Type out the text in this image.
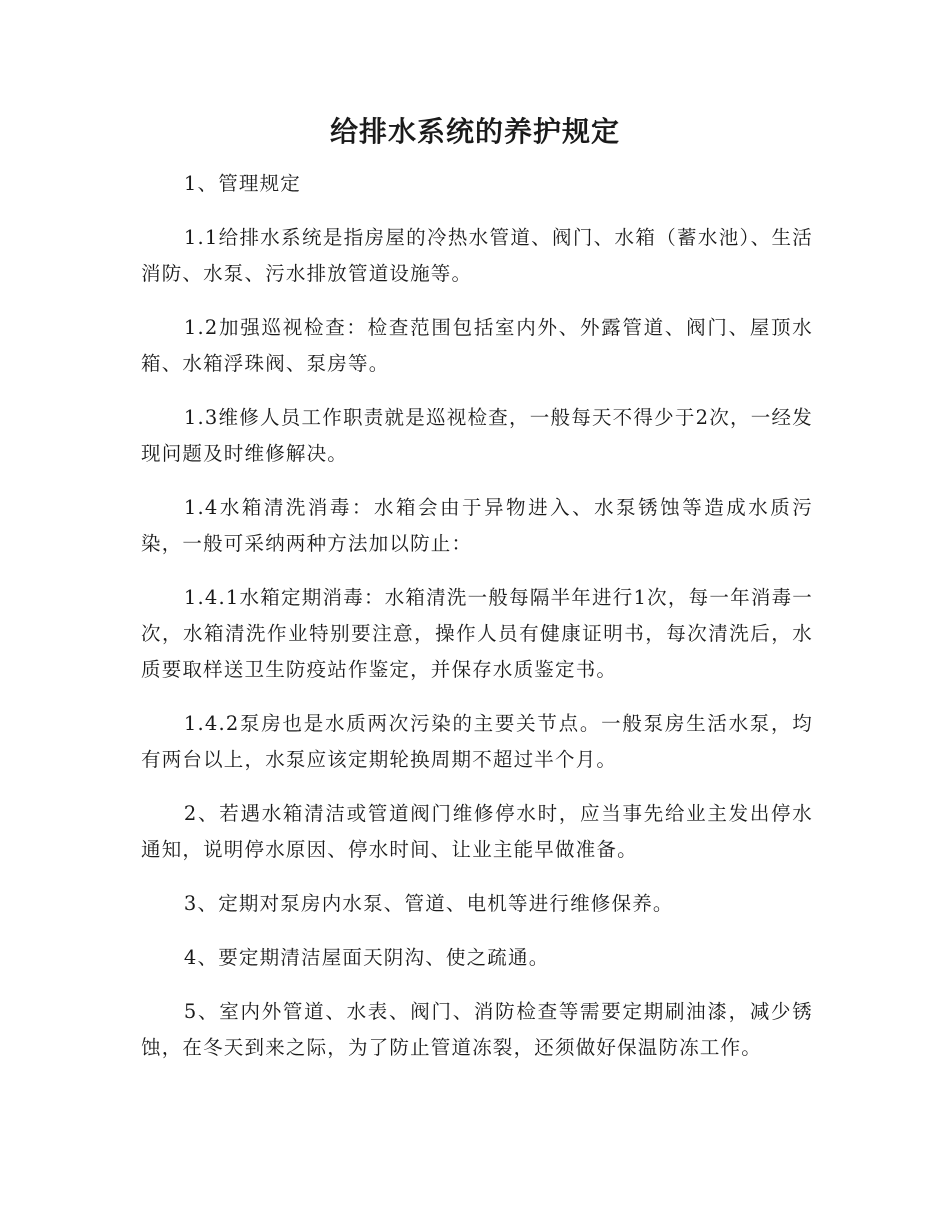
给排水系统的养护规定

1、管理规定

1.1给排水系统是指房屋的冷热水管道、阀门、水箱（蓄水池）、生活消防、水泵、污水排放管道设施等。

1.2加强巡视检查：检查范围包括室内外、外露管道、阀门、屋顶水箱、水箱浮珠阀、泵房等。

1.3维修人员工作职责就是巡视检查，一般每天不得少于2次，一经发现问题及时维修解决。

1.4水箱清洗消毒：水箱会由于异物进入、水泵锈蚀等造成水质污染，一般可采纳两种方法加以防止：

1.4.1水箱定期消毒：水箱清洗一般每隔半年进行1次，每一年消毒一次，水箱清洗作业特别要注意，操作人员有健康证明书，每次清洗后，水质要取样送卫生防疫站作鉴定，并保存水质鉴定书。

1.4.2泵房也是水质两次污染的主要关节点。一般泵房生活水泵，均有两台以上，水泵应该定期轮换周期不超过半个月。

2、若遇水箱清洁或管道阀门维修停水时，应当事先给业主发出停水通知，说明停水原因、停水时间、让业主能早做准备。

3、定期对泵房内水泵、管道、电机等进行维修保养。

4、要定期清洁屋面天阴沟、使之疏通。

5、室内外管道、水表、阀门、消防检查等需要定期刷油漆，减少锈蚀，在冬天到来之际，为了防止管道冻裂，还须做好保温防冻工作。
